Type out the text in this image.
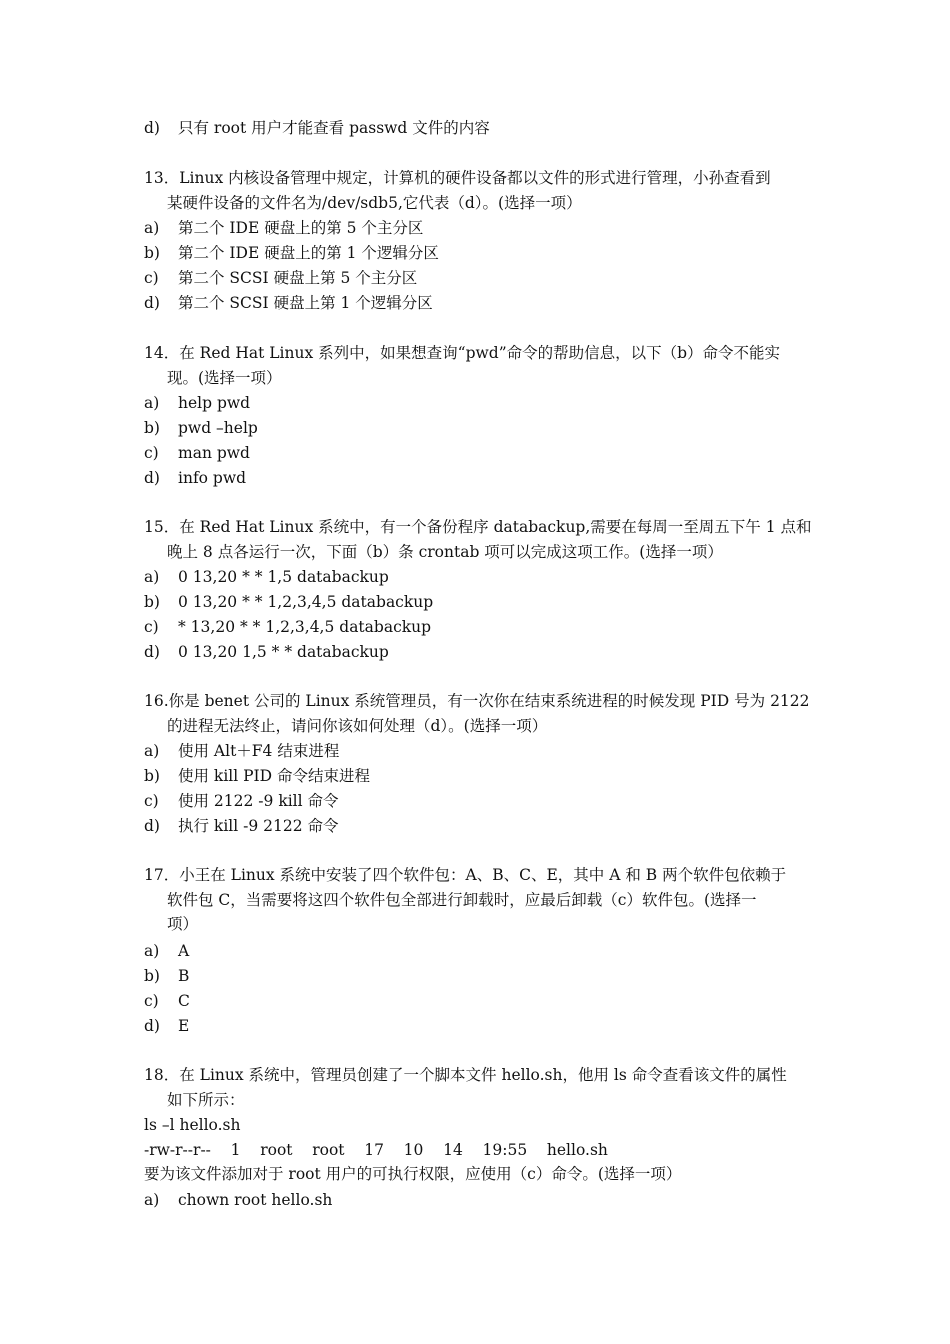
d) 只有 root 用户才能查看 passwd 文件的内容
13．Linux 内核设备管理中规定，计算机的硬件设备都以文件的形式进行管理，小孙查看到
某硬件设备的文件名为/dev/sdb5,它代表（d）。(选择一项）
a) 第二个 IDE 硬盘上的第 5 个主分区
b) 第二个 IDE 硬盘上的第 1 个逻辑分区
c) 第二个 SCSI 硬盘上第 5 个主分区
d) 第二个 SCSI 硬盘上第 1 个逻辑分区
14．在 Red Hat Linux 系列中，如果想查询“pwd”命令的帮助信息，以下（b）命令不能实
现。(选择一项）
a) help pwd
b) pwd –help
c) man pwd
d) info pwd
15．在 Red Hat Linux 系统中，有一个备份程序 databackup,需要在每周一至周五下午 1 点和
晚上 8 点各运行一次，下面（b）条 crontab 项可以完成这项工作。(选择一项）
a) 0 13,20 * * 1,5 databackup
b) 0 13,20 * * 1,2,3,4,5 databackup
c) * 13,20 * * 1,2,3,4,5 databackup
d) 0 13,20 1,5 * * databackup
16.你是 benet 公司的 Linux 系统管理员，有一次你在结束系统进程的时候发现 PID 号为 2122
的进程无法终止，请问你该如何处理（d）。(选择一项）
a) 使用 Alt＋F4 结束进程
b) 使用 kill PID 命令结束进程
c) 使用 2122 -9 kill 命令
d) 执行 kill -9 2122 命令
17．小王在 Linux 系统中安装了四个软件包：A、B、C、E，其中 A 和 B 两个软件包依赖于
软件包 C，当需要将这四个软件包全部进行卸载时，应最后卸载（c）软件包。(选择一
项）
a) A
b) B
c) C
d) E
18．在 Linux 系统中，管理员创建了一个脚本文件 hello.sh，他用 ls 命令查看该文件的属性
如下所示：
ls –l hello.sh
-rw-r--r--    1    root    root    17    10    14    19:55    hello.sh
要为该文件添加对于 root 用户的可执行权限，应使用（c）命令。(选择一项）
a) chown root hello.sh
